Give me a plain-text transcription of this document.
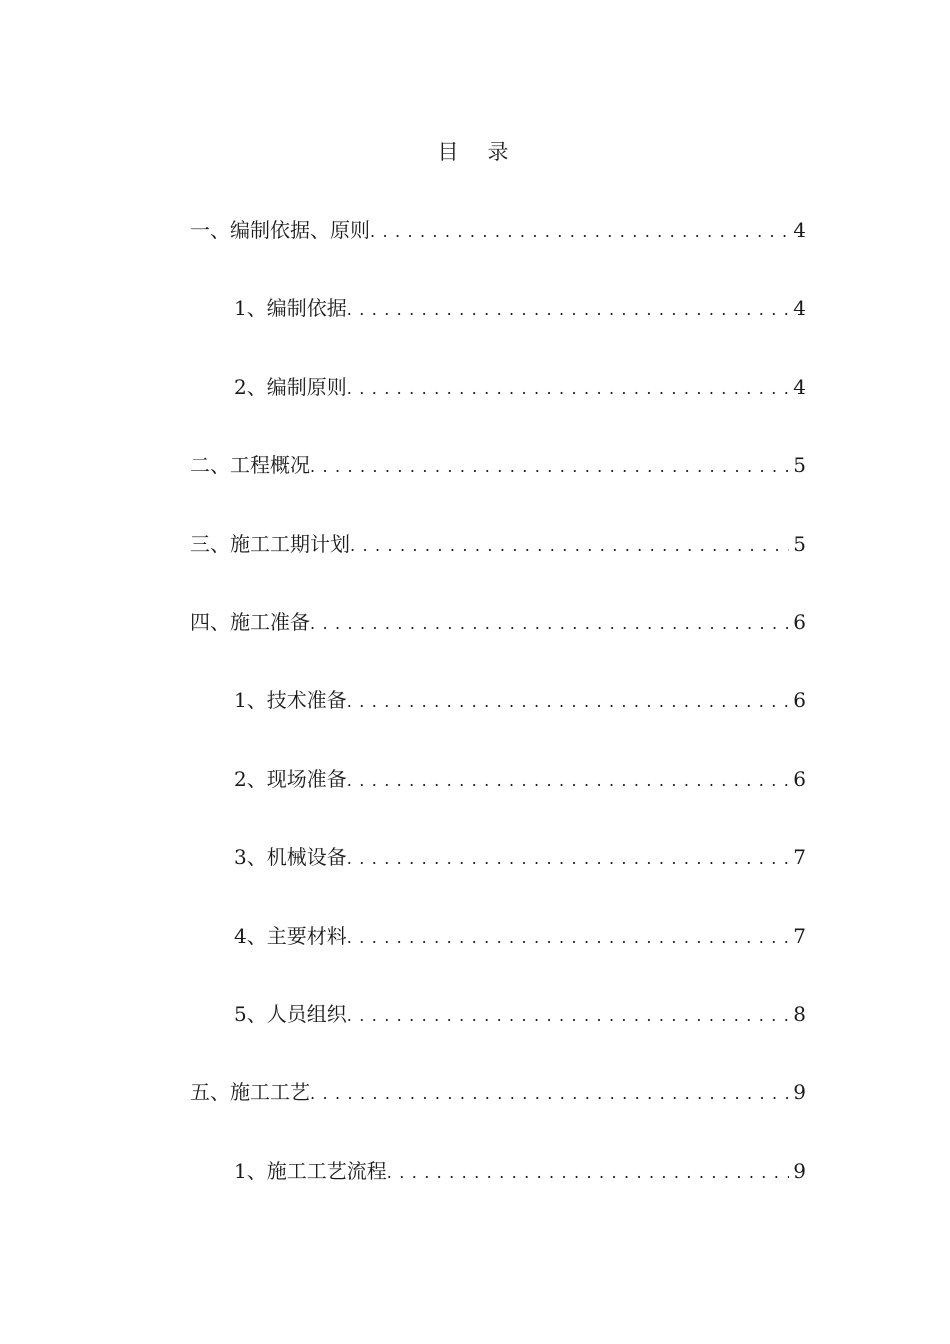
目　录
一、编制依据、原则 .....	4
1、编制依据 .....	4
2、编制原则 .....	4
二、工程概况 .....	5
三、施工工期计划 .....	5
四、施工准备 .....	6
1、技术准备 .....	6
2、现场准备 .....	6
3、机械设备 .....	7
4、主要材料 .....	7
5、人员组织 .....	8
五、施工工艺 .....	9
1、施工工艺流程 .....	9
